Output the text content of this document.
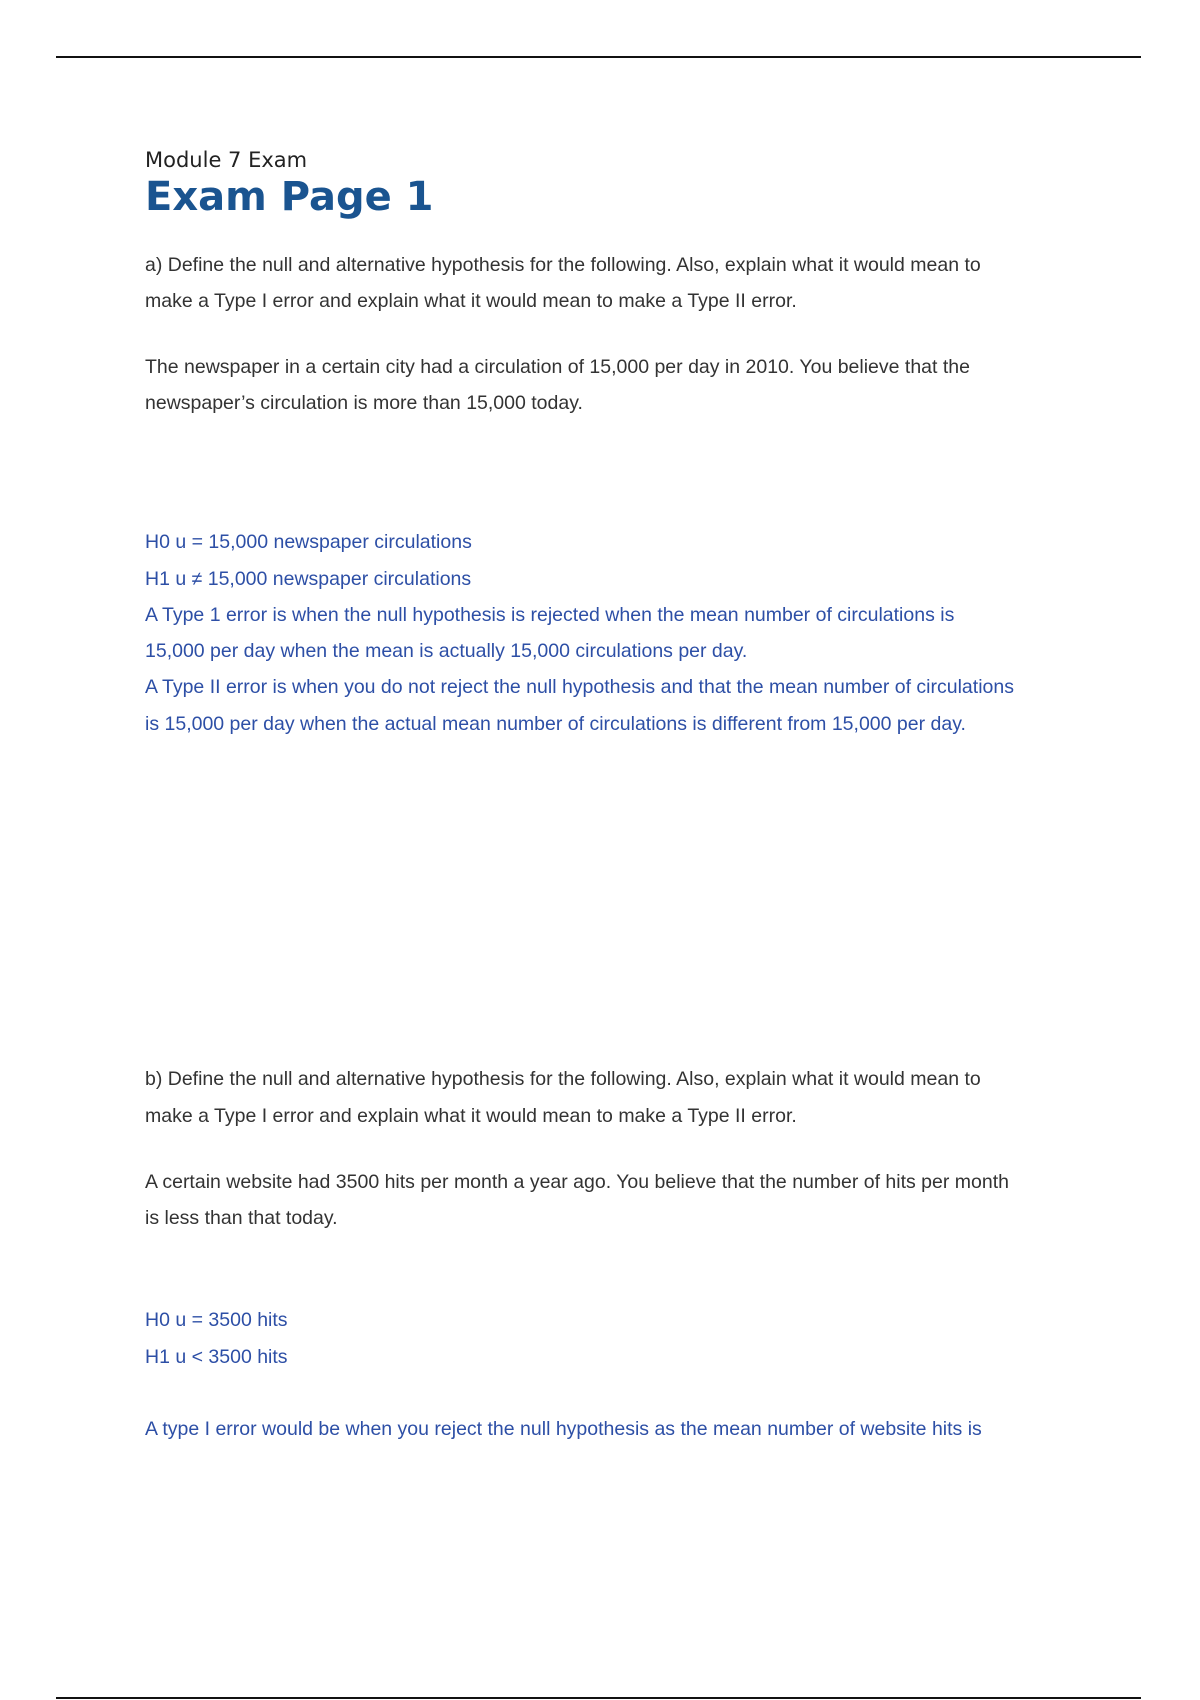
Module 7 Exam
Exam Page 1
a) Define the null and alternative hypothesis for the following. Also, explain what it would mean to
make a Type I error and explain what it would mean to make a Type II error.
The newspaper in a certain city had a circulation of 15,000 per day in 2010. You believe that the
newspaper’s circulation is more than 15,000 today.
H0 u = 15,000 newspaper circulations
H1 u ≠ 15,000 newspaper circulations
A Type 1 error is when the null hypothesis is rejected when the mean number of circulations is
15,000 per day when the mean is actually 15,000 circulations per day.
A Type II error is when you do not reject the null hypothesis and that the mean number of circulations
is 15,000 per day when the actual mean number of circulations is different from 15,000 per day.
b) Define the null and alternative hypothesis for the following. Also, explain what it would mean to
make a Type I error and explain what it would mean to make a Type II error.
A certain website had 3500 hits per month a year ago. You believe that the number of hits per month
is less than that today.
H0 u = 3500 hits
H1 u < 3500 hits
A type I error would be when you reject the null hypothesis as the mean number of website hits is
